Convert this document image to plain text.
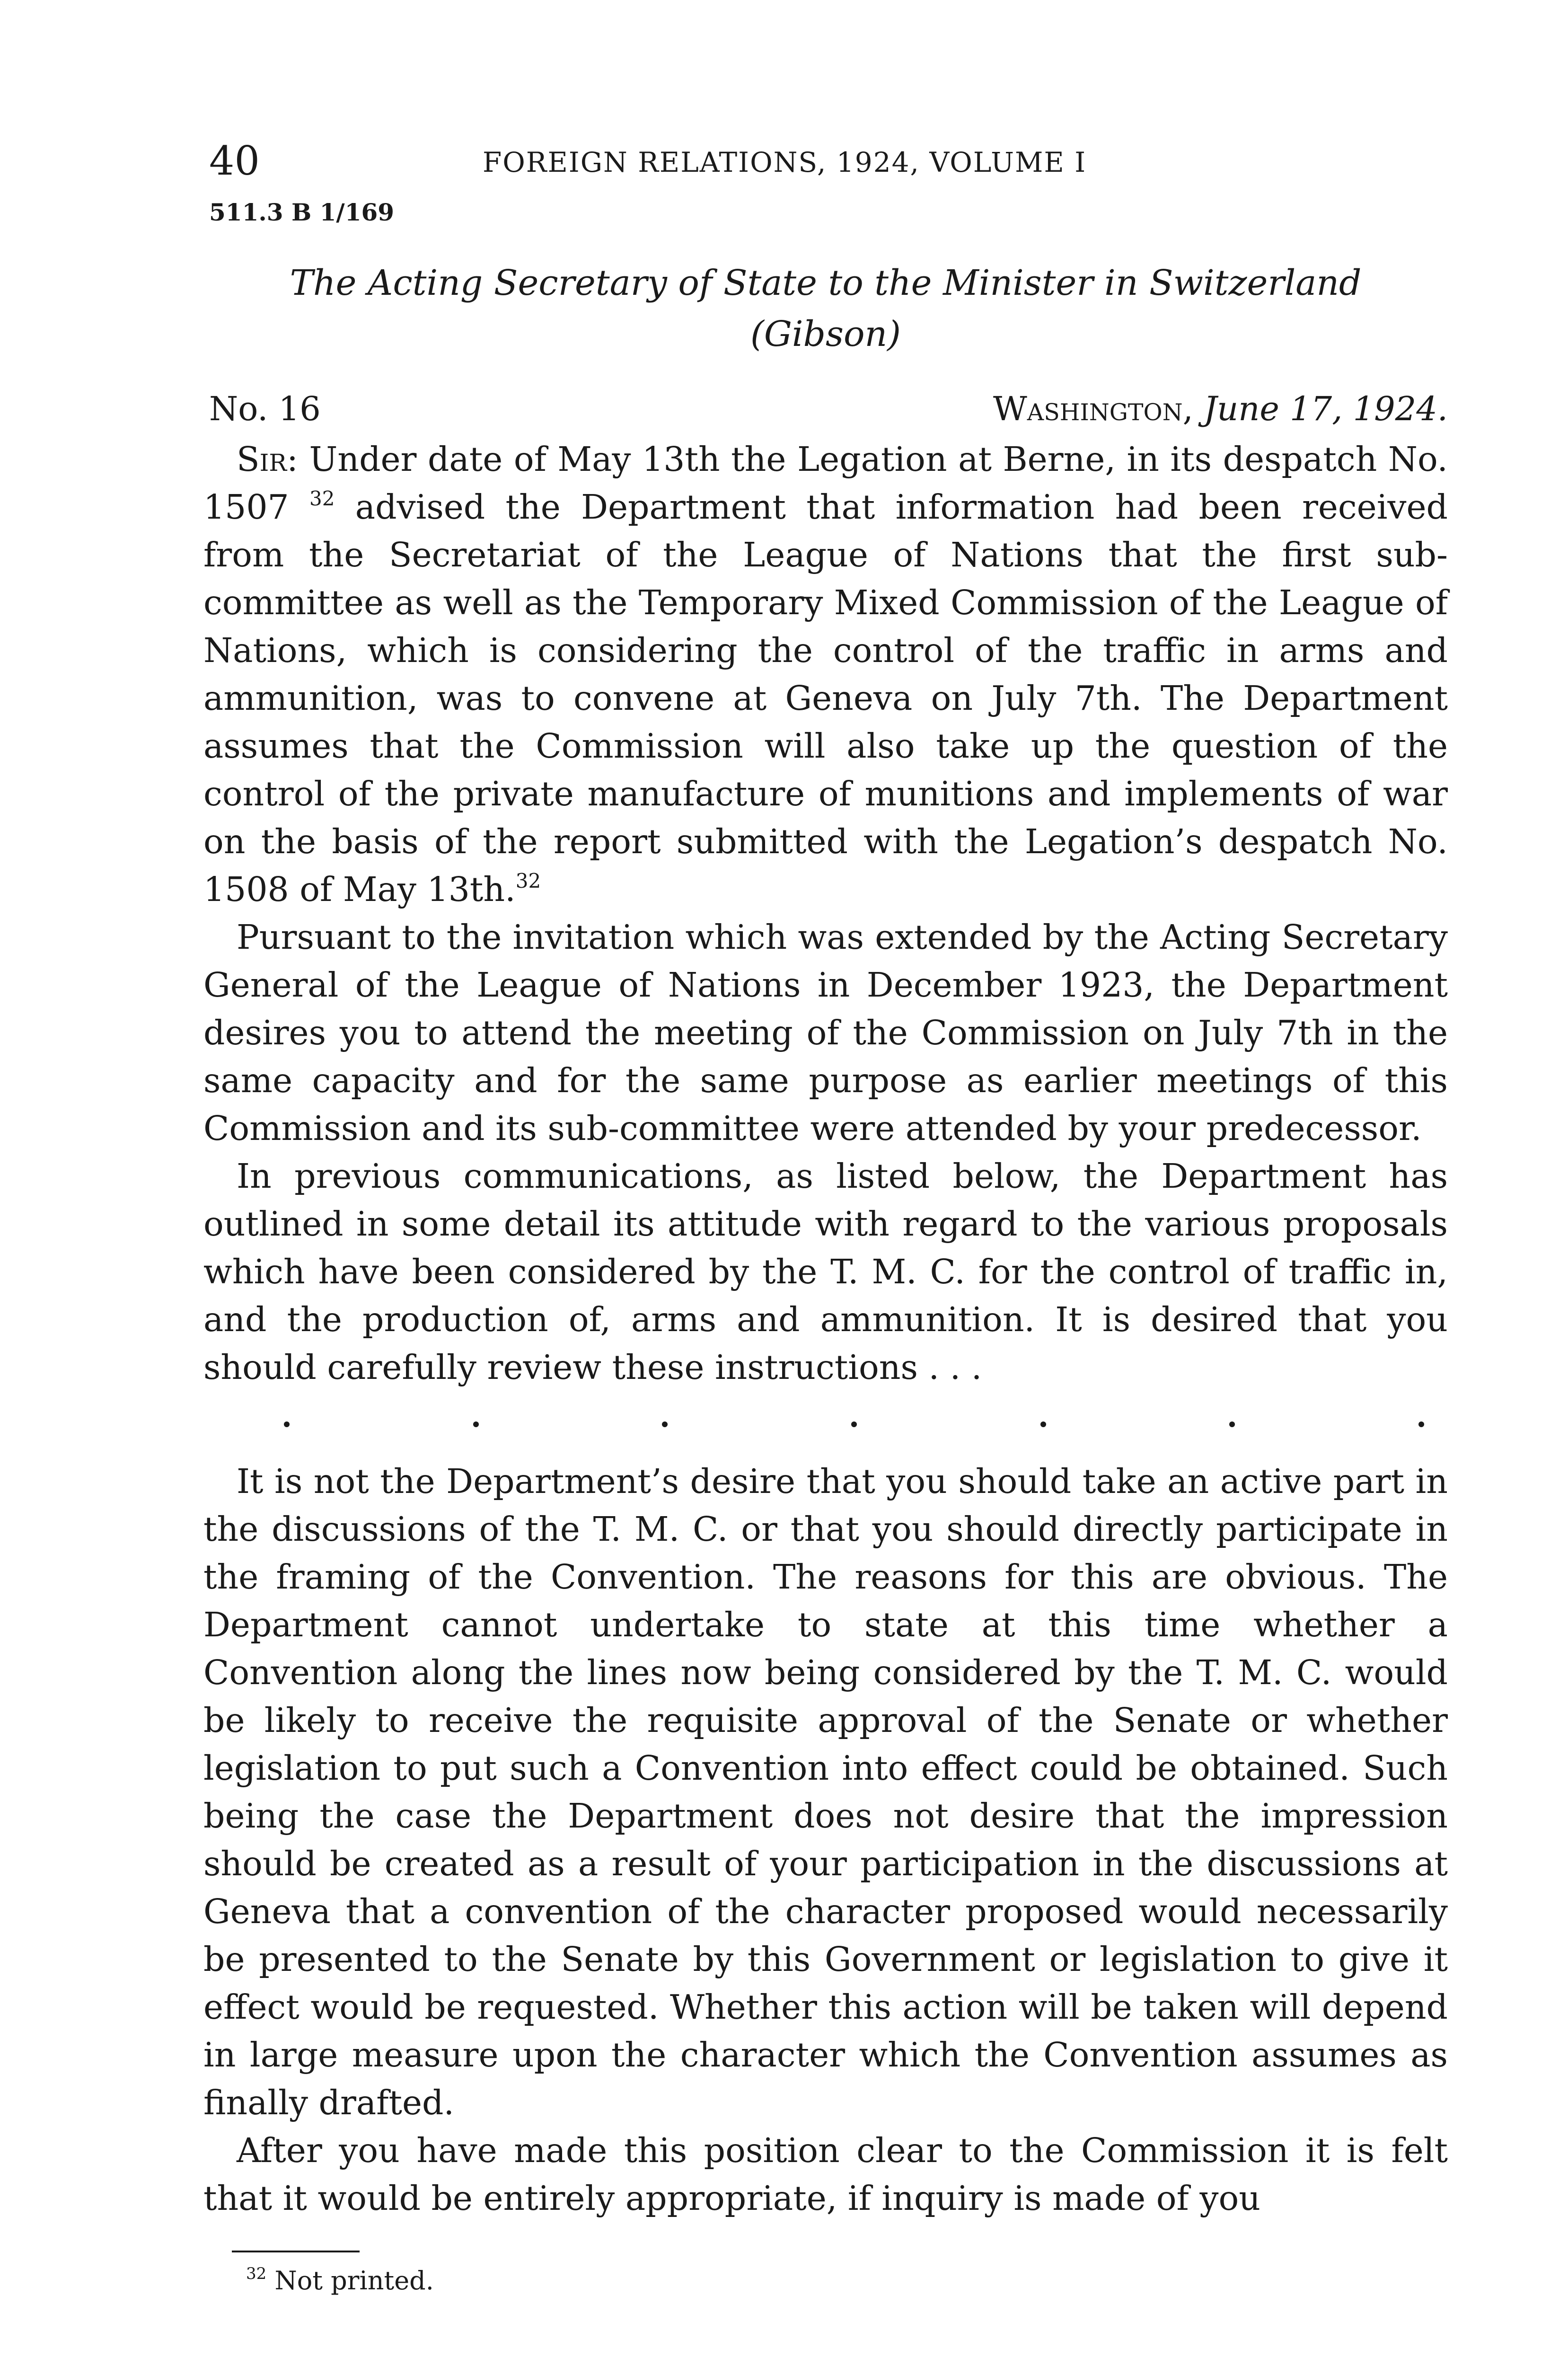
40	FOREIGN RELATIONS, 1924, VOLUME I
511.3 B 1/169
The Acting Secretary of State to the Minister in Switzerland
(Gibson)
No. 16	Washington, June 17, 1924.

Sir: Under date of May 13th the Legation at Berne, in its despatch No. 1507 $^{32}$ advised the Department that information had been received from the Secretariat of the League of Nations that the first sub-committee as well as the Temporary Mixed Commission of the League of Nations, which is considering the control of the traffic in arms and ammunition, was to convene at Geneva on July 7th. The Department assumes that the Commission will also take up the question of the control of the private manufacture of munitions and implements of war on the basis of the report submitted with the Legation’s despatch No. 1508 of May 13th.$^{32}$

Pursuant to the invitation which was extended by the Acting Secretary General of the League of Nations in December 1923, the Department desires you to attend the meeting of the Commission on July 7th in the same capacity and for the same purpose as earlier meetings of this Commission and its sub-committee were attended by your predecessor.

In previous communications, as listed below, the Department has outlined in some detail its attitude with regard to the various proposals which have been considered by the T. M. C. for the control of traffic in, and the production of, arms and ammunition. It is desired that you should carefully review these instructions . . .

It is not the Department’s desire that you should take an active part in the discussions of the T. M. C. or that you should directly participate in the framing of the Convention. The reasons for this are obvious. The Department cannot undertake to state at this time whether a Convention along the lines now being considered by the T. M. C. would be likely to receive the requisite approval of the Senate or whether legislation to put such a Convention into effect could be obtained. Such being the case the Department does not desire that the impression should be created as a result of your participation in the discussions at Geneva that a convention of the character proposed would necessarily be presented to the Senate by this Government or legislation to give it effect would be requested. Whether this action will be taken will depend in large measure upon the character which the Convention assumes as finally drafted.

After you have made this position clear to the Commission it is felt that it would be entirely appropriate, if inquiry is made of you

$^{32}$ Not printed.
